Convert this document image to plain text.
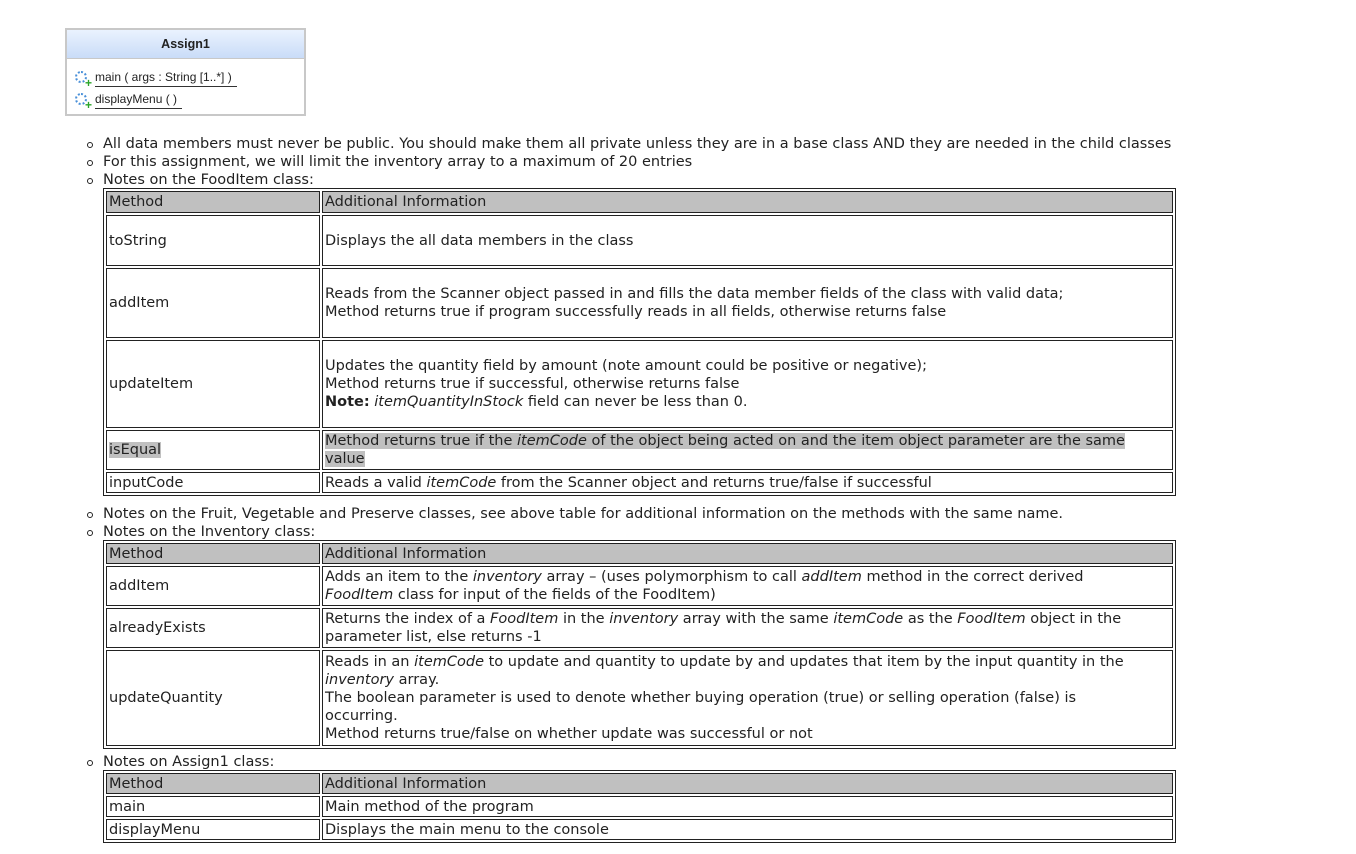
Assign1
+
main ( args : String [1..*] )
+
displayMenu ( )
All data members must never be public. You should make them all private unless they are in a base class AND they are needed in the child classes
For this assignment, we will limit the inventory array to a maximum of 20 entries
Notes on the FoodItem class:
Method	Additional Information
toString	Displays the all data members in the class
addItem	Reads from the Scanner object passed in and fills the data member fields of the class with valid data;
Method returns true if program successfully reads in all fields, otherwise returns false
updateItem	Updates the quantity field by amount (note amount could be positive or negative);
Method returns true if successful, otherwise returns false
Note: itemQuantityInStock field can never be less than 0.
isEqual	Method returns true if the itemCode of the object being acted on and the item object parameter are the same
value
inputCode	Reads a valid itemCode from the Scanner object and returns true/false if successful
Notes on the Fruit, Vegetable and Preserve classes, see above table for additional information on the methods with the same name.
Notes on the Inventory class:
Method	Additional Information
addItem	Adds an item to the inventory array – (uses polymorphism to call addItem method in the correct derived
FoodItem class for input of the fields of the FoodItem)
alreadyExists	Returns the index of a FoodItem in the inventory array with the same itemCode as the FoodItem object in the
parameter list, else returns -1
updateQuantity	Reads in an itemCode to update and quantity to update by and updates that item by the input quantity in the
inventory array.
The boolean parameter is used to denote whether buying operation (true) or selling operation (false) is
occurring.
Method returns true/false on whether update was successful or not
Notes on Assign1 class:
Method	Additional Information
main	Main method of the program
displayMenu	Displays the main menu to the console
